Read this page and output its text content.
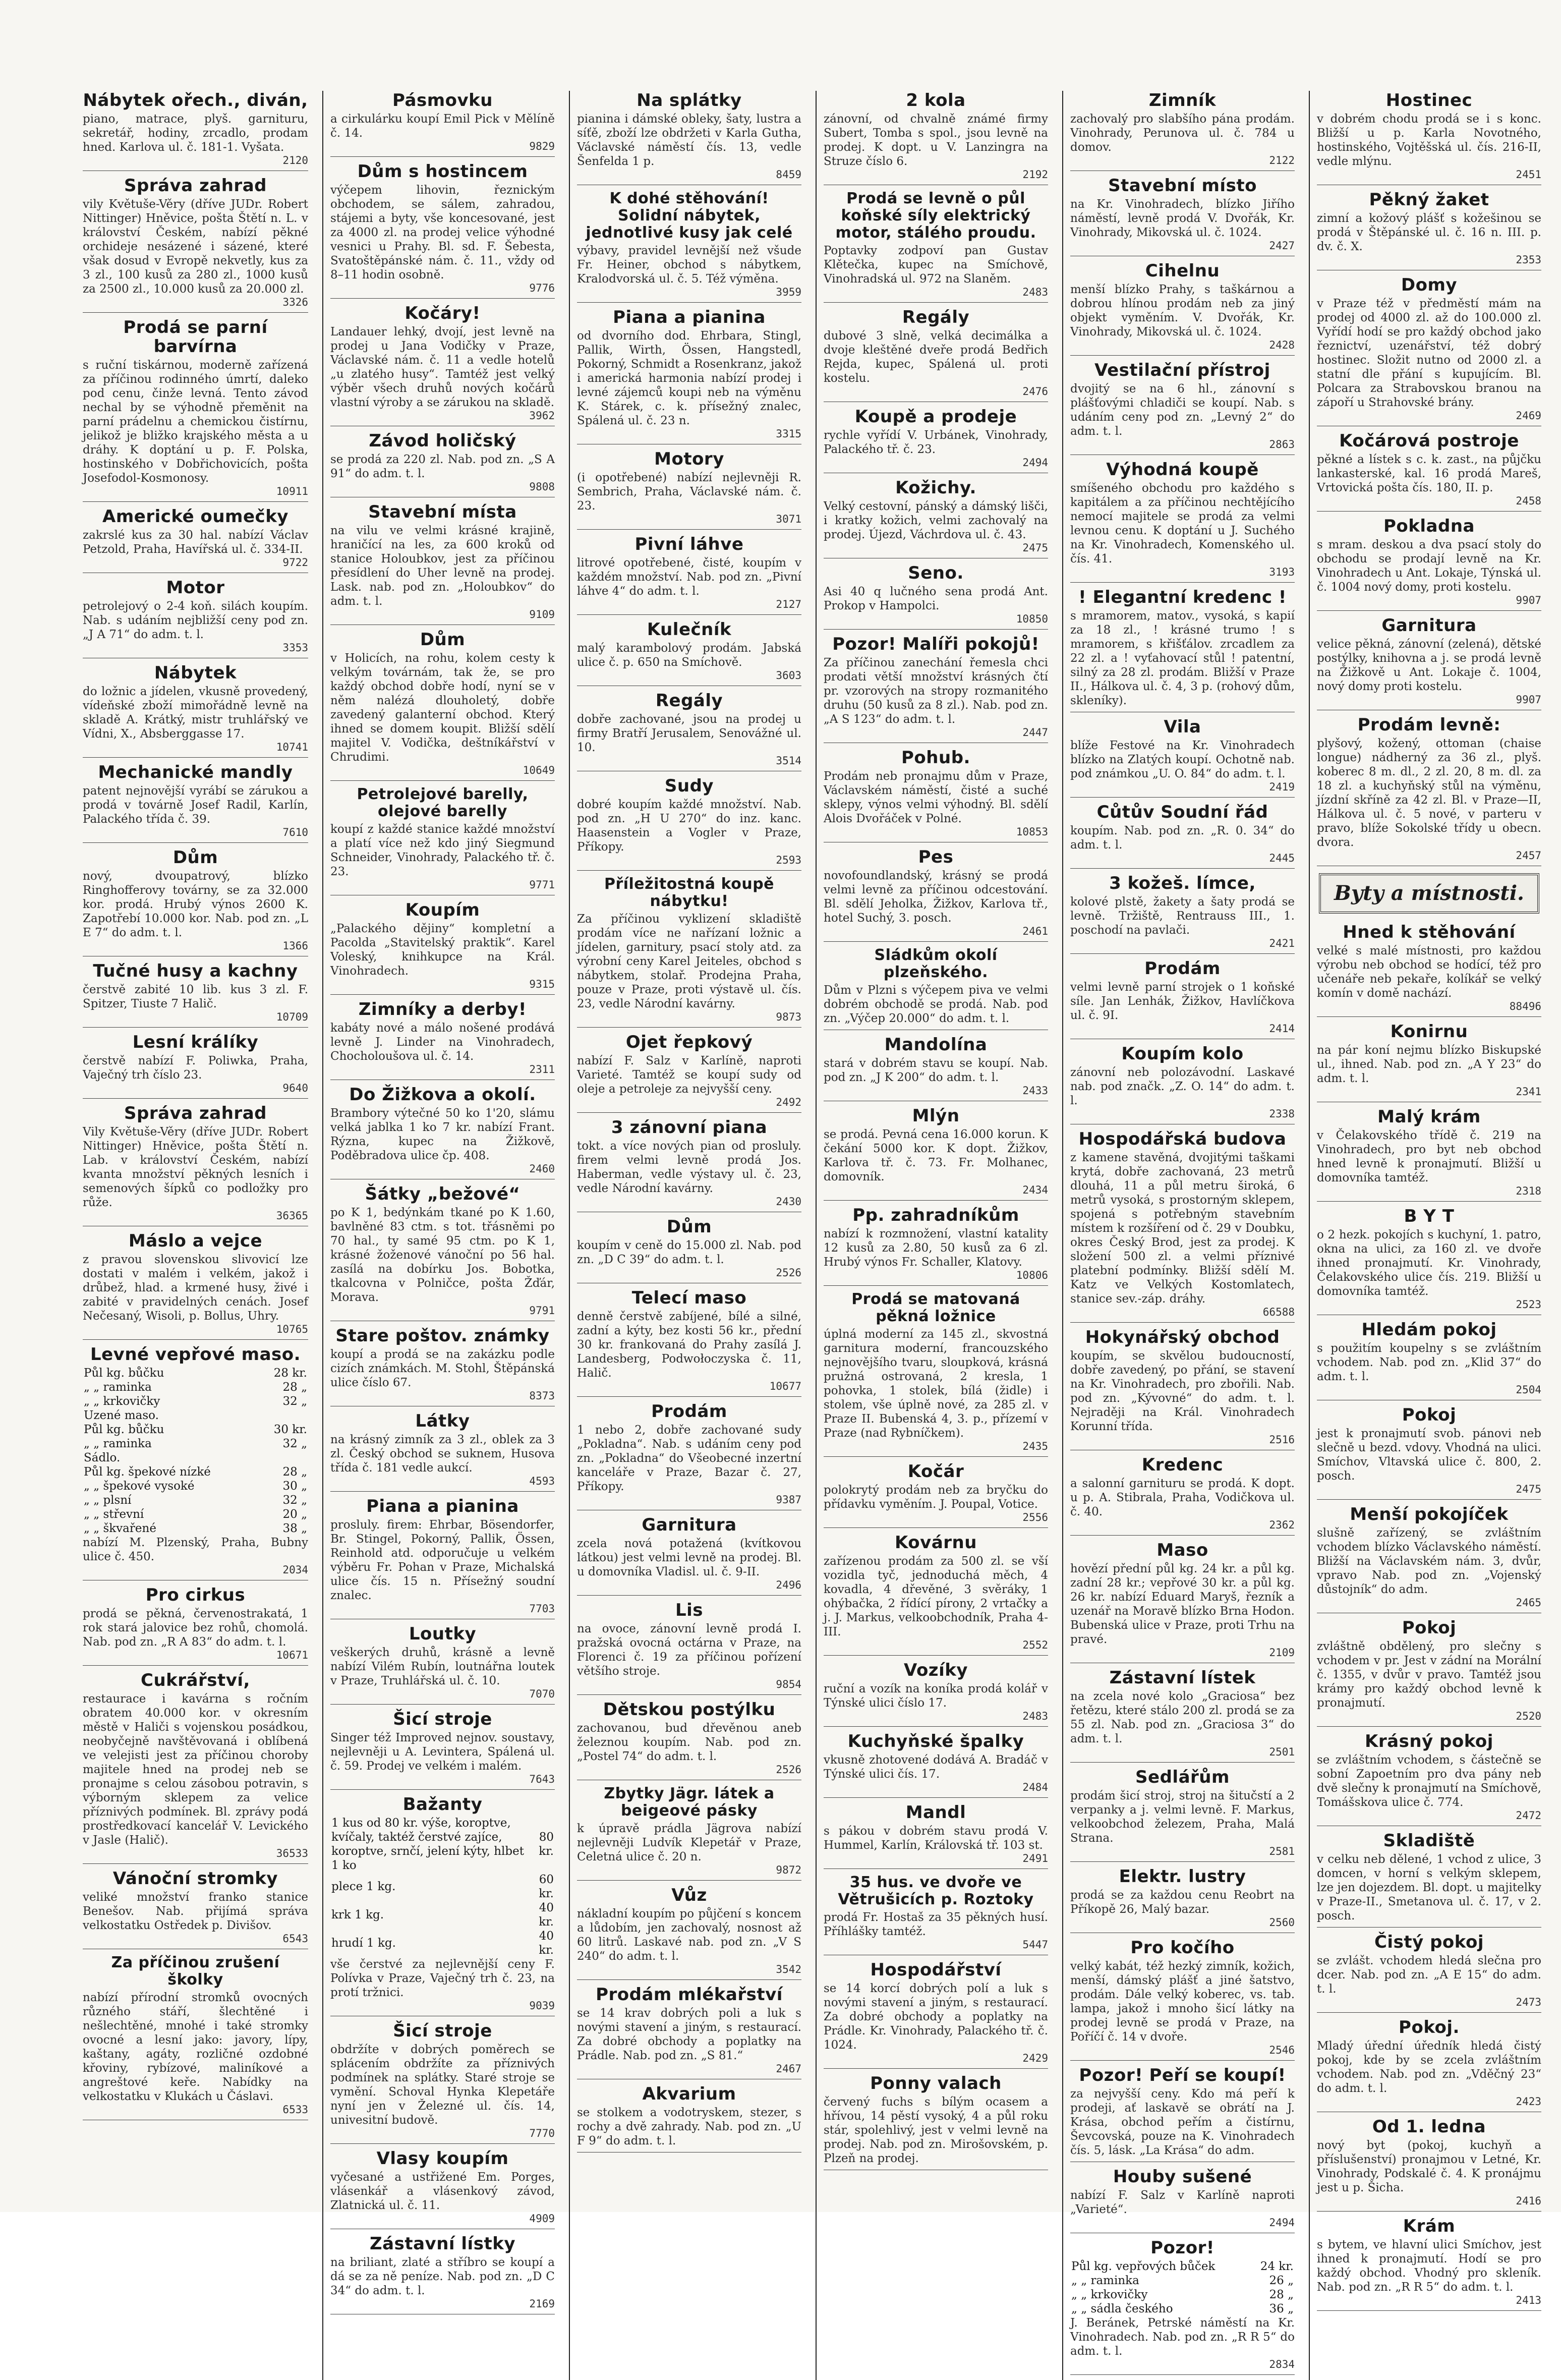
Nábytek ořech., diván,

piano, matrace, plyš. garnituru, sekretář, hodiny, zrcadlo, prodam hned. Karlova ul. č. 181-1. Vyšata.

2120
Správa zahrad

vily Květuše-Věry (dříve JUDr. Robert Nittinger) Hněvice, pošta Štětí n. L. v království Českém, nabízí pěkné orchideje nesázené i sázené, které však dosud v Evropě nekvetly, kus za 3 zl., 100 kusů za 280 zl., 1000 kusů za 2500 zl., 10.000 kusů za 20.000 zl.

3326
Prodá se parní barvírna

s ruční tiskárnou, moderně zařízená za příčinou rodinného úmrtí, daleko pod cenu, činže levná. Tento závod nechal by se výhodně přeměnit na parní prádelnu a chemickou čistírnu, jelikož je bližko krajského města a u dráhy. K doptání u p. F. Polska, hostinského v Dobřichovicích, pošta Josefodol-Kosmonosy.

10911
Americké oumečky

zakrslé kus za 30 hal. nabízí Václav Petzold, Praha, Havířská ul. č. 334-II.

9722
Motor

petrolejový o 2-4 koň. silách koupím. Nab. s udáním nejbližší ceny pod zn. „J A 71“ do adm. t. l.

3353
Nábytek

do ložnic a jídelen, vkusně provedený, vídeňské zboží mimořádně levně na skladě A. Krátký, mistr truhlářský ve Vídni, X., Absberggasse 17.

10741
Mechanické mandly

patent nejnovější vyrábí se zárukou a prodá v továrně Josef Radil, Karlín, Palackého třída č. 39.

7610
Dům

nový, dvoupatrový, blízko Ringhofferovy továrny, se za 32.000 kor. prodá. Hrubý výnos 2600 K. Zapotřebí 10.000 kor. Nab. pod zn. „L E 7“ do adm. t. l.

1366
Tučné husy a kachny

čerstvě zabité 10 lib. kus 3 zl. F. Spitzer, Tiuste 7 Halič.

10709
Lesní králíky

čerstvě nabízí F. Poliwka, Praha, Vaječný trh číslo 23.

9640
Správa zahrad

Vily Květuše-Věry (dříve JUDr. Robert Nittinger) Hněvice, pošta Štětí n. Lab. v království Českém, nabízí kvanta množství pěkných lesních i semenových šípků co podložky pro růže.

36365
Máslo a vejce

z pravou slovenskou slivovicí lze dostati v malém i velkém, jakož i drůbež, hlad. a krmené husy, živé i zabité v pravidelných cenách. Josef Nečesaný, Wisoli, p. Bollus, Uhry.

10765
Levné vepřové maso.
Půl kg. bůčku	28 kr.
„ „ raminka	28 „
„ „ krkovičky	32 „
Uzené maso.	
Půl kg. bůčku	30 kr.
„ „ raminka	32 „
Sádlo.	
Půl kg. špekové nízké	28 „
„ „ špekové vysoké	30 „
„ „ plsní	32 „
„ „ střevní	20 „
„ „ škvařené	38 „

nabízí M. Plzenský, Praha, Bubny ulice č. 450.

2034
Pro cirkus

prodá se pěkná, červenostrakatá, 1 rok stará jalovice bez rohů, chomolá. Nab. pod zn. „R A 83“ do adm. t. l.

10671
Cukrářství,

restaurace i kavárna s ročním obratem 40.000 kor. v okresním městě v Haliči s vojenskou posádkou, neobyčejně navštěvovaná i oblíbená ve velejisti jest za příčinou choroby majitele hned na prodej neb se pronajme s celou zásobou potravin, s výborným sklepem za velice příznivých podmínek. Bl. zprávy podá prostředkovací kancelář V. Levického v Jasle (Halič).

36533
Vánoční stromky

veliké množství franko stanice Benešov. Nab. přijímá správa velkostatku Ostředek p. Divišov.

6543
Za příčinou zrušení školky

nabízí přírodní stromků ovocných různého stáří, šlechtěné i nešlechtěné, mnohé i také stromky ovocné a lesní jako: javory, lípy, kaštany, agáty, rozličné ozdobné křoviny, rybízové, maliníkové a angreštové keře. Nabídky na velkostatku v Klukách u Čáslavi.

6533
Pásmovku

a cirkulárku koupí Emil Pick v Mělíně č. 14.

9829
Dům s hostincem

výčepem lihovin, řeznickým obchodem, se sálem, zahradou, stájemi a byty, vše koncesované, jest za 4000 zl. na prodej velice výhodné vesnici u Prahy. Bl. sd. F. Šebesta, Svatoštěpánské nám. č. 11., vždy od 8–11 hodin osobně.

9776
Kočáry!

Landauer lehký, dvojí, jest levně na prodej u Jana Vodičky v Praze, Václavské nám. č. 11 a vedle hotelů „u zlatého husy“. Tamtéž jest velký výběr všech druhů nových kočárů vlastní výroby a se zárukou na skladě.

3962
Závod holičský

se prodá za 220 zl. Nab. pod zn. „S A 91“ do adm. t. l.

9808
Stavební místa

na vilu ve velmi krásné krajině, hraničící na les, za 600 kroků od stanice Holoubkov, jest za příčinou přesídlení do Uher levně na prodej. Lask. nab. pod zn. „Holoubkov“ do adm. t. l.

9109
Dům

v Holicích, na rohu, kolem cesty k velkým továrnám, tak že, se pro každý obchod dobře hodí, nyní se v něm nalézá dlouholetý, dobře zavedený galanterní obchod. Který ihned se domem koupit. Bližší sdělí majitel V. Vodička, deštníkářství v Chrudimi.

10649
Petrolejové barelly, olejové barelly

koupí z každé stanice každé množství a platí více než kdo jiný Siegmund Schneider, Vinohrady, Palackého tř. č. 23.

9771
Koupím

„Palackého dějiny“ kompletní a Pacolda „Stavitelský praktik“. Karel Voleský, knihkupce na Král. Vinohradech.

9315
Zimníky a derby!

kabáty nové a málo nošené prodává levně J. Linder na Vinohradech, Chocholoušova ul. č. 14.

2311
Do Žižkova a okolí.

Brambory výtečné 50 ko 1'20, slámu velká jablka 1 ko 7 kr. nabízí Frant. Rýzna, kupec na Žižkově, Poděbradova ulice čp. 408.

2460
Šátky „bežové“

po K 1, bedýnkám tkané po K 1.60, bavlněné 83 ctm. s tot. třásněmi po 70 hal., ty samé 95 ctm. po K 1, krásné žoženové vánoční po 56 hal. zasílá na dobírku Jos. Bobotka, tkalcovna v Polničce, pošta Žďár, Morava.

9791
Stare poštov. známky

koupí a prodá se na zakázku podle cizích známkách. M. Stohl, Štěpánská ulice číslo 67.

8373
Látky

na krásný zimník za 3 zl., oblek za 3 zl. Český obchod se suknem, Husova třída č. 181 vedle aukcí.

4593
Piana a pianina

prosluly. firem: Ehrbar, Bösendorfer, Br. Stingel, Pokorný, Pallik, Össen, Reinhold atd. odporučuje u velkém výběru Fr. Pohan v Praze, Michalská ulice čís. 15 n. Přísežný soudní znalec.

7703
Loutky

veškerých druhů, krásně a levně nabízí Vilém Rubín, loutnářna loutek v Praze, Truhlářská ul. č. 10.

7070
Šicí stroje

Singer též Improved nejnov. soustavy, nejlevněji u A. Levintera, Spálená ul. č. 59. Prodej ve velkém i malém.

7643
Bažanty
1 kus od 80 kr. výše, koroptve, kvíčaly, taktéž čerstvé zajíce, koroptve, srnčí, jelení kýty, hlbet 1 ko	80 kr.
plece 1 kg.	60 kr.
krk 1 kg.	40 kr.
hrudí 1 kg.	40 kr.

vše čerstvé za nejlevnější ceny F. Polívka v Praze, Vaječný trh č. 23, na protí tržnici.

9039
Šicí stroje

obdržíte v dobrých poměrech se splácením obdržíte za příznivých podmínek na splátky. Staré stroje se vymění. Schoval Hynka Klepetáře nyní jen v Železné ul. čís. 14, univesitní budově.

7770
Vlasy koupím

vyčesané a ustřižené Em. Porges, vlásenkář a vlásenkový závod, Zlatnická ul. č. 11.

4909
Zástavní lístky

na briliant, zlaté a stříbro se koupí a dá se za ně peníze. Nab. pod zn. „D C 34“ do adm. t. l.

2169
Na splátky

pianina i dámské obleky, šaty, lustra a síťě, zboží lze obdržeti v Karla Gutha, Václavské náměstí čís. 13, vedle Šenfelda 1 p.

8459
K dohé stěhování! Solidní nábytek, jednotlivé kusy jak celé

výbavy, pravidel levnější než všude Fr. Heiner, obchod s nábytkem, Kralodvorská ul. č. 5. Též výměna.

3959
Piana a pianina

od dvorního dod. Ehrbara, Stingl, Pallik, Wirth, Össen, Hangstedl, Pokorný, Schmidt a Rosenkranz, jakož i americká harmonia nabízí prodej i levné zájemců koupi neb na výměnu K. Stárek, c. k. přísežný znalec, Spálená ul. č. 23 n.

3315
Motory

(i opotřebené) nabízí nejlevněji R. Sembrich, Praha, Václavské nám. č. 23.

3071
Pivní láhve

litrové opotřebené, čisté, koupím v každém množství. Nab. pod zn. „Pivní láhve 4“ do adm. t. l.

2127
Kulečník

malý karambolový prodám. Jabská ulice č. p. 650 na Smíchově.

3603
Regály

dobře zachované, jsou na prodej u firmy Bratří Jerusalem, Senovážné ul. 10.

3514
Sudy

dobré koupím každé množství. Nab. pod zn. „H U 270“ do inz. kanc. Haasenstein a Vogler v Praze, Příkopy.

2593
Příležitostná koupě nábytku!

Za příčinou vyklizení skladiště prodám více ne nařízaní ložnic a jídelen, garnitury, psací stoly atd. za výrobní ceny Karel Jeiteles, obchod s nábytkem, stolař. Prodejna Praha, pouze v Praze, proti výstavě ul. čís. 23, vedle Národní kavárny.

9873
Ojet řepkový

nabízí F. Salz v Karlíně, naproti Varieté. Tamtéž se koupí sudy od oleje a petroleje za nejvyšší ceny.

2492
3 zánovní piana

tokt. a více nových pian od prosluly. firem velmi levně prodá Jos. Haberman, vedle výstavy ul. č. 23, vedle Národní kavárny.

2430
Dům

koupím v ceně do 15.000 zl. Nab. pod zn. „D C 39“ do adm. t. l.

2526
Telecí maso

denně čerstvě zabíjené, bílé a silné, zadní a kýty, bez kosti 56 kr., přední 30 kr. frankovaná do Prahy zasílá J. Landesberg, Podwołoczyska č. 11, Halič.

10677
Prodám

1 nebo 2, dobře zachované sudy „Pokladna“. Nab. s udáním ceny pod zn. „Pokladna“ do Všeobecné inzertní kanceláře v Praze, Bazar č. 27, Příkopy.

9387
Garnitura

zcela nová potažená (kvítkovou látkou) jest velmi levně na prodej. Bl. u domovníka Vladisl. ul. č. 9-II.

2496
Lis

na ovoce, zánovní levně prodá I. pražská ovocná octárna v Praze, na Florenci č. 19 za příčinou pořízení většího stroje.

9854
Dětskou postýlku

zachovanou, bud dřevěnou aneb železnou koupím. Nab. pod zn. „Postel 74“ do adm. t. l.

2526
Zbytky Jägr. látek a beigeové pásky

k úpravě prádla Jägrova nabízí nejlevněji Ludvík Klepetář v Praze, Celetná ulice č. 20 n.

9872
Vůz

nákladní koupím po půjčení s koncem a lůdobím, jen zachovalý, nosnost až 60 litrů. Laskavé nab. pod zn. „V S 240“ do adm. t. l.

3542
Prodám mlékařství

se 14 krav dobrých poli a luk s novými stavení a jiným, s restaurací. Za dobré obchody a poplatky na Prádle. Nab. pod zn. „S 81.“

2467
Akvarium

se stolkem a vodotryskem, stezer, s rochy a dvě zahrady. Nab. pod zn. „U F 9“ do adm. t. l.

2 kola

zánovní, od chvalně známé firmy Subert, Tomba s spol., jsou levně na prodej. K dopt. u V. Lanzingra na Struze číslo 6.

2192
Prodá se levně o půl koňské síly elektrický motor, stálého proudu.

Poptavky zodpoví pan Gustav Klětečka, kupec na Smíchově, Vinohradská ul. 972 na Slaněm.

2483
Regály

dubové 3 slně, velká decimálka a dvoje kleštěné dveře prodá Bedřich Rejda, kupec, Spálená ul. proti kostelu.

2476
Koupě a prodeje

rychle vyřídí V. Urbánek, Vinohrady, Palackého tř. č. 23.

2494
Kožichy.

Velký cestovní, pánský a dámský lišči, i kratky kožich, velmi zachovalý na prodej. Újezd, Váchrdova ul. č. 43.

2475
Seno.

Asi 40 q lučného sena prodá Ant. Prokop v Hampolci.

10850
Pozor! Malíři pokojů!

Za příčinou zanechání řemesla chci prodati větší množství krásných čtí pr. vzorových na stropy rozmanitého druhu (50 kusů za 8 zl.). Nab. pod zn. „A S 123“ do adm. t. l.

2447
Pohub.

Prodám neb pronajmu dům v Praze, Václavském náměstí, čisté a suché sklepy, výnos velmi výhodný. Bl. sdělí Alois Dvořáček v Polné.

10853
Pes

novofoundlandský, krásný se prodá velmi levně za příčinou odcestování. Bl. sdělí Jeholka, Žižkov, Karlova tř., hotel Suchý, 3. posch.

2461
Sládkům okolí plzeňského.

Dům v Plzni s výčepem piva ve velmi dobrém obchodě se prodá. Nab. pod zn. „Výčep 20.000“ do adm. t. l.

Mandolína

stará v dobrém stavu se koupí. Nab. pod zn. „J K 200“ do adm. t. l.

2433
Mlýn

se prodá. Pevná cena 16.000 korun. K čekání 5000 kor. K dopt. Žižkov, Karlova tř. č. 73. Fr. Molhanec, domovník.

2434
Pp. zahradníkům

nabízí k rozmnožení, vlastní katality 12 kusů za 2.80, 50 kusů za 6 zl. Hrubý výnos Fr. Schaller, Klatovy.

10806
Prodá se matovaná pěkná ložnice

úplná moderní za 145 zl., skvostná garnitura moderní, francouzského nejnovějšího tvaru, sloupková, krásná pružná ostrovaná, 2 kresla, 1 pohovka, 1 stolek, bílá (židle) i stolem, vše úplně nové, za 285 zl. v Praze II. Bubenská 4, 3. p., přízemí v Praze (nad Rybníčkem).

2435
Kočár

polokrytý prodám neb za bryčku do přídavku vyměním. J. Poupal, Votice.

2556
Kovárnu

zařízenou prodám za 500 zl. se vší vozidla tyč, jednoduchá měch, 4 kovadla, 4 dřevěné, 3 svěráky, 1 ohýbačka, 2 řídící pírony, 2 vrtačky a j. J. Markus, velkoobchodník, Praha 4-III.

2552
Vozíky

ruční a vozík na koníka prodá kolář v Týnské ulici číslo 17.

2483
Kuchyňské špalky

vkusně zhotovené dodává A. Bradáč v Týnské ulici čís. 17.

2484
Mandl

s pákou v dobrém stavu prodá V. Hummel, Karlín, Královská tř. 103 st.

2491
35 hus. ve dvoře ve Větrušicích p. Roztoky

prodá Fr. Hostaš za 35 pěkných husí. Příhlášky tamtéž.

5447
Hospodářství

se 14 korcí dobrých polí a luk s novými stavení a jiným, s restaurací. Za dobré obchody a poplatky na Prádle. Kr. Vinohrady, Palackého tř. č. 1024.

2429
Ponny valach

červený fuchs s bílým ocasem a hřívou, 14 pěstí vysoký, 4 a půl roku stár, spolehlivý, jest v velmi levně na prodej. Nab. pod zn. Mirošovském, p. Plzeň na prodej.

Zimník

zachovalý pro slabšího pána prodám. Vinohrady, Perunova ul. č. 784 u domov.

2122
Stavební místo

na Kr. Vinohradech, blízko Jiřího náměstí, levně prodá V. Dvořák, Kr. Vinohrady, Mikovská ul. č. 1024.

2427
Cihelnu

menší blízko Prahy, s taškárnou a dobrou hlínou prodám neb za jiný objekt vyměním. V. Dvořák, Kr. Vinohrady, Mikovská ul. č. 1024.

2428
Vestilační přístroj

dvojitý se na 6 hl., zánovní s plášťovými chladiči se koupí. Nab. s udáním ceny pod zn. „Levný 2“ do adm. t. l.

2863
Výhodná koupě

smíšeného obchodu pro každého s kapitálem a za příčinou nechtějícího nemocí majitele se prodá za velmi levnou cenu. K doptání u J. Suchého na Kr. Vinohradech, Komenského ul. čís. 41.

3193
! Elegantní kredenc !

s mramorem, matov., vysoká, s kapií za 18 zl., ! krásné trumo ! s mramorem, s křišťálov. zrcadlem za 22 zl. a ! vyťahovací stůl ! patentní, silný za 28 zl. prodám. Bližší v Praze II., Hálkova ul. č. 4, 3 p. (rohový dům, skleníky).

Vila

blíže Festové na Kr. Vinohradech blízko na Zlatých koupí. Ochotně nab. pod známkou „U. O. 84“ do adm. t. l.

2419
Cůtův Soudní řád

koupím. Nab. pod zn. „R. 0. 34“ do adm. t. l.

2445
3 kožeš. límce,

kolové plstě, žakety a šaty prodá se levně. Tržiště, Rentrauss III., 1. poschodí na pavlači.

2421
Prodám

velmi levně parní strojek o 1 koňské síle. Jan Lenhák, Žižkov, Havlíčkova ul. č. 9I.

2414
Koupím kolo

zánovní neb polozávodní. Laskavé nab. pod značk. „Z. O. 14“ do adm. t. l.

2338
Hospodářská budova

z kamene stavěná, dvojitými taškami krytá, dobře zachovaná, 23 metrů dlouhá, 11 a půl metru široká, 6 metrů vysoká, s prostorným sklepem, spojená s potřebným stavebním místem k rozšíření od č. 29 v Doubku, okres Český Brod, jest za prodej. K složení 500 zl. a velmi příznivé platební podmínky. Bližší sdělí M. Katz ve Velkých Kostomlatech, stanice sev.-záp. dráhy.

66588
Hokynářský obchod

koupím, se skvělou budoucností, dobře zavedený, po přání, se stavení na Kr. Vinohradech, pro zbořili. Nab. pod zn. „Kývovné“ do adm. t. l. Nejraději na Král. Vinohradech Korunní třída.

2516
Kredenc

a salonní garnituru se prodá. K dopt. u p. A. Stibrala, Praha, Vodičkova ul. č. 40.

2362
Maso

hovězí přední půl kg. 24 kr. a půl kg. zadní 28 kr.; vepřové 30 kr. a půl kg. 26 kr. nabízí Eduard Maryš, řezník a uzenář na Moravě blízko Brna Hodon. Bubenská ulice v Praze, proti Trhu na pravé.

2109
Zástavní lístek

na zcela nové kolo „Graciosa“ bez řetězu, které stálo 200 zl. prodá se za 55 zl. Nab. pod zn. „Graciosa 3“ do adm. t. l.

2501
Sedlářům

prodám šicí stroj, stroj na šitučstí a 2 verpanky a j. velmi levně. F. Markus, velkoobchod železem, Praha, Malá Strana.

2581
Elektr. lustry

prodá se za každou cenu Reobrt na Příkopě 26, Malý bazar.

2560
Pro kočího

velký kabát, též hezký zimník, kožich, menší, dámský plášť a jiné šatstvo, prodám. Dále velký koberec, vs. tab. lampa, jakož i mnoho šicí látky na prodej levně se prodá v Praze, na Poříčí č. 14 v dvoře.

2546
Pozor! Peří se koupí!

za nejvyšší ceny. Kdo má peří k prodeji, ať laskavě se obrátí na J. Krása, obchod peřím a čistírnu, Ševcovská, pouze na K. Vinohradech čís. 5, lásk. „La Krása“ do adm.

Houby sušené

nabízí F. Salz v Karlíně naproti „Varieté“.

2494
Pozor!
Půl kg. vepřových bůček	24 kr.
„ „ raminka	26 „
„ „ krkovičky	28 „
„ „ sádla českého	36 „

J. Beránek, Petrské náměstí na Kr. Vinohradech. Nab. pod zn. „R R 5“ do adm. t. l.

2834
Hostinec

v dobrém chodu prodá se i s konc. Bližší u p. Karla Novotného, hostinského, Vojtěšská ul. čís. 216-II, vedle mlýnu.

2451
Pěkný žaket

zimní a kožový plášť s kožešinou se prodá v Štěpánské ul. č. 16 n. III. p. dv. č. X.

2353
Domy

v Praze též v předměstí mám na prodej od 4000 zl. až do 100.000 zl. Vyřídí hodí se pro každý obchod jako řeznictví, uzenářství, též dobrý hostinec. Složit nutno od 2000 zl. a statní dle přání s kupujícím. Bl. Polcara za Strabovskou branou na zápoří u Strahovské brány.

2469
Kočárová postroje

pěkné a lístek s c. k. zast., na půjčku lankasterské, kal. 16 prodá Mareš, Vrtovická pošta čís. 180, II. p.

2458
Pokladna

s mram. deskou a dva psací stoly do obchodu se prodají levně na Kr. Vinohradech u Ant. Lokaje, Týnská ul. č. 1004 nový domy, proti kostelu.

9907
Garnitura

velice pěkná, zánovní (zelená), dětské postýlky, knihovna a j. se prodá levně na Žižkově u Ant. Lokaje č. 1004, nový domy proti kostelu.

9907
Prodám levně:

plyšový, kožený, ottoman (chaise longue) nádherný za 36 zl., plyš. koberec 8 m. dl., 2 zl. 20, 8 m. dl. za 18 zl. a kuchyňský stůl na výměnu, jízdní skříně za 42 zl. Bl. v Praze—II, Hálkova ul. č. 5 nové, v parteru v pravo, blíže Sokolské třídy u obecn. dvora.

2457
Byty a místnosti.
Hned k stěhování

velké s malé místnosti, pro každou výrobu neb obchod se hodící, též pro učenáře neb pekaře, kolíkář se velký komín v domě nachází.

88496
Konirnu

na pár koní nejmu blízko Biskupské ul., ihned. Nab. pod zn. „A Y 23“ do adm. t. l.

2341
Malý krám

v Čelakovského třídě č. 219 na Vinohradech, pro byt neb obchod hned levně k pronajmutí. Bližší u domovníka tamtéž.

2318
B Y T

o 2 hezk. pokojích s kuchyní, 1. patro, okna na ulici, za 160 zl. ve dvoře ihned pronajmutí. Kr. Vinohrady, Čelakovského ulice čís. 219. Bližší u domovníka tamtéž.

2523
Hledám pokoj

s použitím koupelny s se zvláštním vchodem. Nab. pod zn. „Klid 37“ do adm. t. l.

2504
Pokoj

jest k pronajmutí svob. pánovi neb slečně u bezd. vdovy. Vhodná na ulici. Smíchov, Vltavská ulice č. 800, 2. posch.

2475
Menší pokojíček

slušně zařízený, se zvláštním vchodem blízko Václavského náměstí. Bližší na Václavském nám. 3, dvůr, vpravo Nab. pod zn. „Vojenský důstojník“ do adm.

2465
Pokoj

zvláštně obdělený, pro slečny s vchodem v pr. Jest v zádní na Morální č. 1355, v dvůr v pravo. Tamtéž jsou krámy pro každý obchod levně k pronajmutí.

2520
Krásný pokoj

se zvláštním vchodem, s částečně se sobní Zapoetním pro dva pány neb dvě slečny k pronajmutí na Smíchově, Tomášskova ulice č. 774.

2472
Skladiště

v celku neb dělené, 1 vchod z ulice, 3 domcen, v horní s velkým sklepem, lze jen dojezdem. Bl. dopt. u majitelky v Praze-II., Smetanova ul. č. 17, v 2. posch.

Čistý pokoj

se zvlášt. vchodem hledá slečna pro dcer. Nab. pod zn. „A E 15“ do adm. t. l.

2473
Pokoj.

Mladý úřední úředník hledá čistý pokoj, kde by se zcela zvláštním vchodem. Nab. pod zn. „Vděčný 23“ do adm. t. l.

2423
Od 1. ledna

nový byt (pokoj, kuchyň a příslušenství) pronajmou v Letné, Kr. Vinohrady, Podskalé č. 4. K pronájmu jest u p. Šicha.

2416
Krám

s bytem, ve hlavní ulici Smíchov, jest ihned k pronajmutí. Hodí se pro každý obchod. Vhodný pro skleník. Nab. pod zn. „R R 5“ do adm. t. l.

2413
